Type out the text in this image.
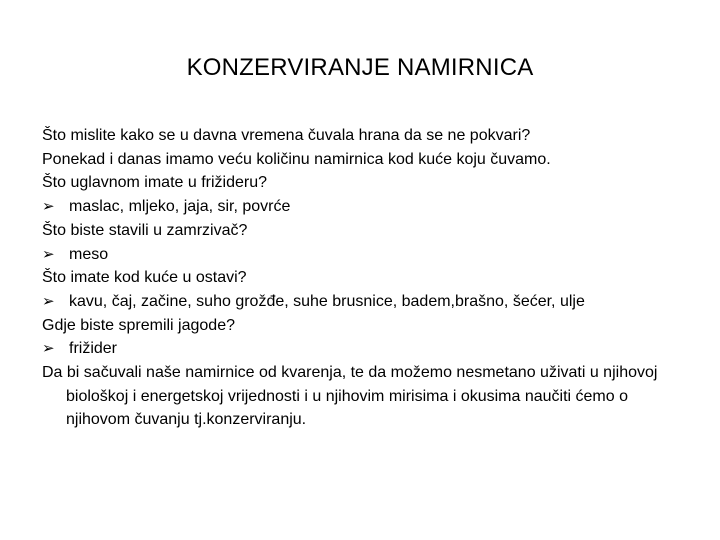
KONZERVIRANJE NAMIRNICA

Što mislite kako se u davna vremena čuvala hrana da se ne pokvari?

Ponekad i danas imamo veću količinu namirnica kod kuće koju čuvamo.

Što uglavnom imate u frižideru?

➢ maslac, mljeko, jaja, sir, povrće

Što biste stavili u zamrzivač?

➢ meso

Što imate kod kuće u ostavi?

➢ kavu, čaj, začine, suho grožđe, suhe brusnice, badem,brašno, šećer, ulje

Gdje biste spremili jagode?

➢ frižider

Da bi sačuvali naše namirnice od kvarenja, te da možemo nesmetano uživati u njihovoj biološkoj i energetskoj vrijednosti i u njihovim mirisima i okusima naučiti ćemo o njihovom čuvanju tj.konzerviranju.
